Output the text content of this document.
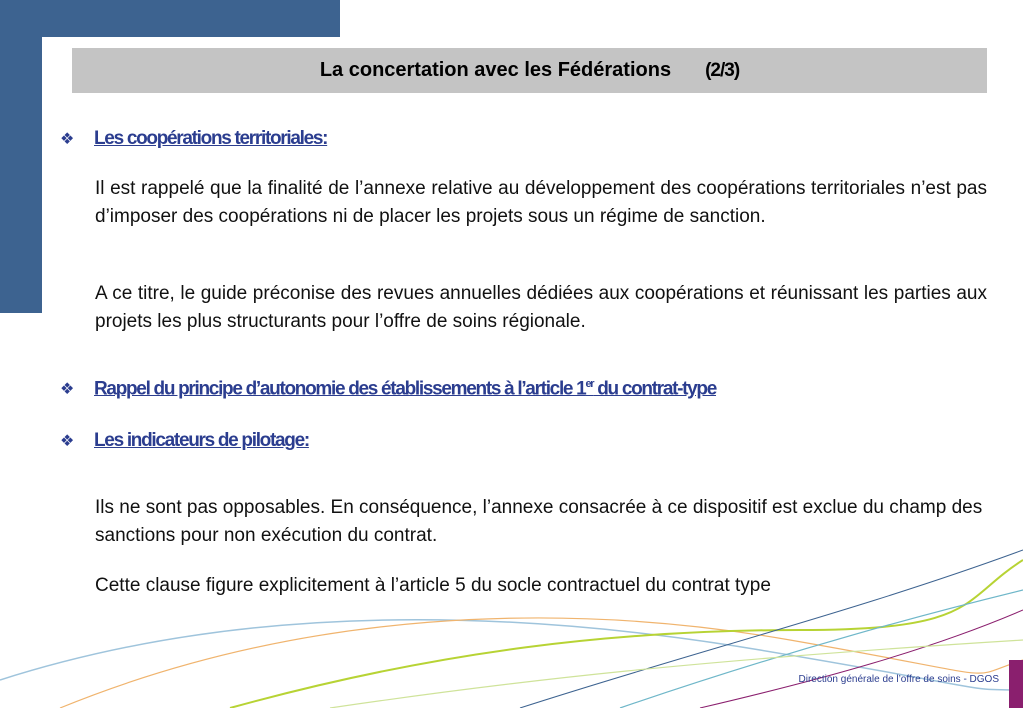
La concertation avec les Fédérations (2/3)
❖	Les coopérations territoriales:
Il est rappelé que la finalité de l’annexe relative au développement des coopérations territoriales n’est pas d’imposer des coopérations ni de placer les projets sous un régime de sanction.
A ce titre, le guide préconise des revues annuelles dédiées aux coopérations et réunissant les parties aux projets les plus structurants pour l’offre de soins régionale.
❖	Rappel du principe d’autonomie des établissements à l’article 1er du contrat-type
❖	Les indicateurs de pilotage:
Ils ne sont pas opposables. En conséquence, l’annexe consacrée à ce dispositif est exclue du champ des sanctions pour non exécution du contrat.
Cette clause figure explicitement à l’article 5 du socle contractuel du contrat type
Direction générale de l’offre de soins - DGOS
